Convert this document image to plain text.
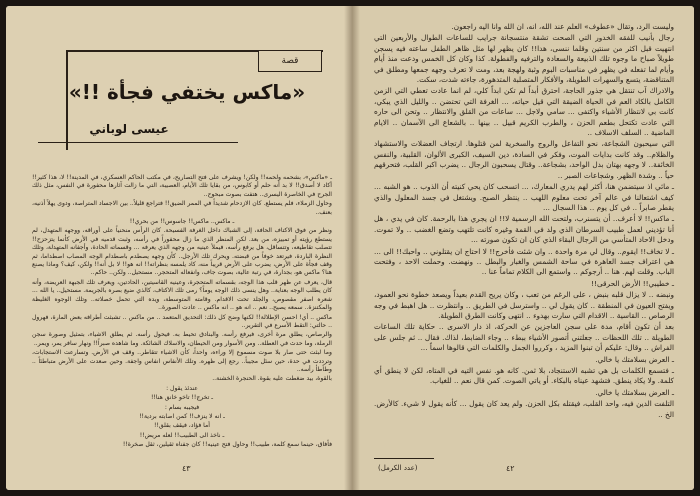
قصة
«ماكس يختفي فجأة !!»
عيسى لوباني

ـ «ماكس»، بشحمه ولحمه!! ولكن! ويشرف على فتح التصاريح، في مكتب الحاكم العسكري، في المدينة!! لا، هذا كثير!! أكاد لا أصدق!! لا بد أنه حلم أو كابوس، من بقايا تلك الأيام، العصيبة، التي ما زالت آثارها محفورة في النفس، مثل ذلك الجرح في الخاصرة اليسرى.. هتفت بصوت مبحوح..

وحاول الزملاء، فلم يستطع. كان الازدحام شديداً في الممر الضيق!! فتراجع قليلاً.. بين الاجساد المتراصة، ودوى يهلاً أذنيه، بعنف..

ـ ماكس.. ماكس!! جاسوس!! من بحري!!

ونظر من فوق الاكتاف الحافة، إلى الشباك داخل الغرفة الفسيحة. كان الرأس منحنياً على أوراقه، ووجهه المتهدل، لم يستطع رؤيته أو تمييزه، من بعد. لكن المنظر الذي ما زال محفوراً في رأسه، وثبت قدميه في الأرض كأنما يتزحزح!! تتصلب تقاطيعه، وتتساقل، هل يرفع رأسه، فيملأ عينيه من وجهه الذي يعرفه ... وقسماته الحادة، وأجفانه المتهدلة، وتلك النظرة الباردة، فيرتعد خوفاً من قبضته. ويحرك تلك الأرجل.. كأن وجهه يصطدم باصطدام الوجه المصاب اصطداما، ثم وقف فجأة على الأرض، يضرب على الأرض قريباً منه، كاد يلمسه بنظراته!! انه هو!! لا بل أنه!! ولكن، كيف؟ وماذا يصنع هنا؟ ماكس هو، بجدارة، في رتبة عالية، بصوت جاف، وانفعاله المتحجر.. مستحيل.. ولكن.. حاكم..

قال، يعرف عن ظهر قلب هذا الوجه، بقسماته المتحجرة، وعينيه القاسيتين، الحادتين، ويعرف تلك الجبهة العريضة، وأنه كان يطلب الوجه بعناية.. وهل ينسى ذلك الوجه يوماً؟ رمى تلك الاكتاف، كالذي ضيع بصره بالجريمة. مستحيل.. يا الله ... شعره اصفر مقصوص، والجلد تحت الاقدام. وقامته المتوسطة، ويده التي تحمل خصلاته.. وتلك الوجوه الغليظة والمكتنزة.. سمعه يصيح.. نعم .. انه هو .. انه ماكس .. عادت الصورة..

ماكس .. أي! احسن الإطلالة!! لكنها وضح كل ذلك: التحديق المتعمد .. من ماكس .. تشبثت أطرافه بعض المارة، فهرول .. حالتي: التقط الأسرع في التقرير..

والرصاص، يطلق مرة أخرى، فيرفع رأسه. والبنادق تحيط به. فيحول رأسه. ثم يطلق الاشياء، بتمثيل وصورة سجن الرملة، وما حدث في العطلة.. ومن الأسوار ومن الحيطان، والاسلاك الشائكة. وما شاهده صبراً!! ونهار سافر يمر، ويمر..

وما لبثت حتى صار بلا صوت مسموع إلا وراءه، واحداً، كأن الاشياء تتقاطر.. وقف في الأرض. وتسارعت الاستجابات، وترددت في حدة، حين سئل مجيباً.. رجع إلى ظهره. وتلك الأنفاس انفاس واجفة. وحين صعدت على الأرض متباطئاً .. وطأطأ رأسه..

بالقوة، بيد ضغطت عليه بقوة. الحنجرة الخشنة..

عندئذ يقول :

ـ تخرج!! تاخو خانق هنا!!

فيجيبه بسام :

ـ انه لا ينزف!! كمن اصابته بردية!!

أما فؤاد، فيقف بقلق!!

ـ ناخذ الى الطبيب!! لعله مريض!!

فأفاق، حينما سمع كلمة، طبيب!! وحاول فتح عينيه!! كان جفناه ثقيلين، ثقل صخرة!!

٤٣

وليست الرد، وتقال «عطوف» العلم عند الله، انه، ان الله وانا اليه راجعون.

رجال بأنيب للفقه الخدور التي الصحت تشقة منتسجانة جرايب للساعات الطوال والأربعين التي انتهيت قبل اكثر من سنتين وقلما ننسى، هدا!! كان يظهر لها مثل ظاهر الطفل ساعته فيه يسجن طويلاً صباح ما وجوه تلك الذبيعة والسعادة والترفيه والفطولة. كذا وكان كل الخمس ودعت منذ أيام وأيام لما تفعله في يظهر في مناسبات البوم وثبة ولهجة بعد، ومت لا تعرف وجهه جمعها ومطلق في المتناقضة، يتسع والسهرات الطويلة، والأفكار المتصلبة المتدهورة، جاءته شدت، سكت.

والادراك آب تنتقل هي جذور الحاجة، احترق أبداً لم تكن ابداً كلي، لم انما عادت تعطي التي الزمن الكامل بالكاد العم في الحياة الضيقة التي قيل حياته، ... الغرفة التي تحتضن .. والليل الذي يبكي، كانت بي لانتظار الأشياء واكتفى ... سامي ولاجل ... ساعات من القلق والانتظار .. وتحن الى حاره التي عادت تكتحل بطعم الحزن ، والطرب الكريم قبيل .. بينها .. بالشعاع الى الآسمان .. الايام الماضية .. السلف الاسلاف ..

التي سيحبون الشجاعة، نحو التفاعل والروج والسخرية لمن قتلوها. ارتجاف العضلات والاستشهاد والظلام.. وقد كانت بدايات الموت، وفكر في السادة، دين السيف، الكبرى الألوان، القلبية، والنفس الخائفة.. لا وجهه بهتان بدل الواحد، بشجاعة.. وقتال يسحبون الرجال .. يضرب اكبر القلب، فتحرقهم حياً .. وشدة الظهر. وشجاعات الصبر ..

ـ مائي اذ سيتضمن هنا، أكثر لهم يدري المعارك، ... اتسحب كان يحي كنيته أن الذوب .. هو الشبه ... كيف اشتعالنا في عالم آخر تحت معلوم اللهب .. ينتظر الصبح. ويشتغل في جسد المعلول والذي يقطر صابراً .. في كل يوم .. هذا السجال ...

ـ ماكس!! لا أعرف.. أن يتسنرب، ولتحت الله الرسمية لا!! ان يجري هذا بالرحمة. كان في يدي ، هل أنا تؤديني لعمل طبيب السرطان الذي ولد في القمة وغيره كانت تلتهب وتضع الغضب .. ولا تموت. ودخل الاحاد المتأسي من الرجال البقاء الذي كان ان تكون صورته ...

ـ لا تخاف!! ايقوم.. وقال لي مرة واحدة .. وان شئت فأخرج!! لا احتاج ان يقتلوني .. واحبك!! الى ... هي اعتراف جسد العاهرة في ساحة الشمس والغبار والبطل .. ونهضت. وحملت الاحد ، وفتحت الباب. وقلت لهم. هنا .. أرجوكم .. واستمع الى الكلام تماماً عنا ..

ـ خطيبي!! الأرض الحرقى!!

ونبضه .. لا يزال قلبه بنبض ، على الرغم من تعب ، وكان يريح القدم بعيداً ويصعد خطوة نحو العمود، ويفتح العيون في المنطقة .. كان يقول لي .. واسترسل في الطريق .. وانتظرت .. هل اهبط في وجه الرصاص .. القاسية .. الاقدام التي سارت بهدوء .. انتهى وكانت الطرق الطويلة.

بعد أن تكون أقام، مدة على سجن العاجزين عن الحركة، اذ دار الاسرى .. حكاية تلك الساعات الطويلة .. تلك اللحظات .. جعلتني أتصور الأشياء ببطء .. وجاء الضابط، لذاك. فقال .. ثم جلس على الفراش .. وقال: عليكم أن تبنوا المزيد ، وكرروا الجمل والكلمات التي قالوها اسماً ...

ـ العرض بسلامتك يا خالي.

ـ فتسمع الكلمات بل هي تشبه الاستنجاد، بلا ثمن. كانه هو. نفس التيه في المتاه، لكن لا ينطق أي كلمة. ولا يكاد ينطق. فتشهد عيناه بالبكاء. أو ياتي الصوت. كمن قال نعم .. للغياب.

ـ العرض بسلامتك يا خالي.

التلفت الدين فيه، واحد القلب، فيقتله بكل الحزن. ولم يعد كان يقول ... كأنه يقول لا شيء. كالأرض. الخ ..

(عدد الكرمل)	٤٢
